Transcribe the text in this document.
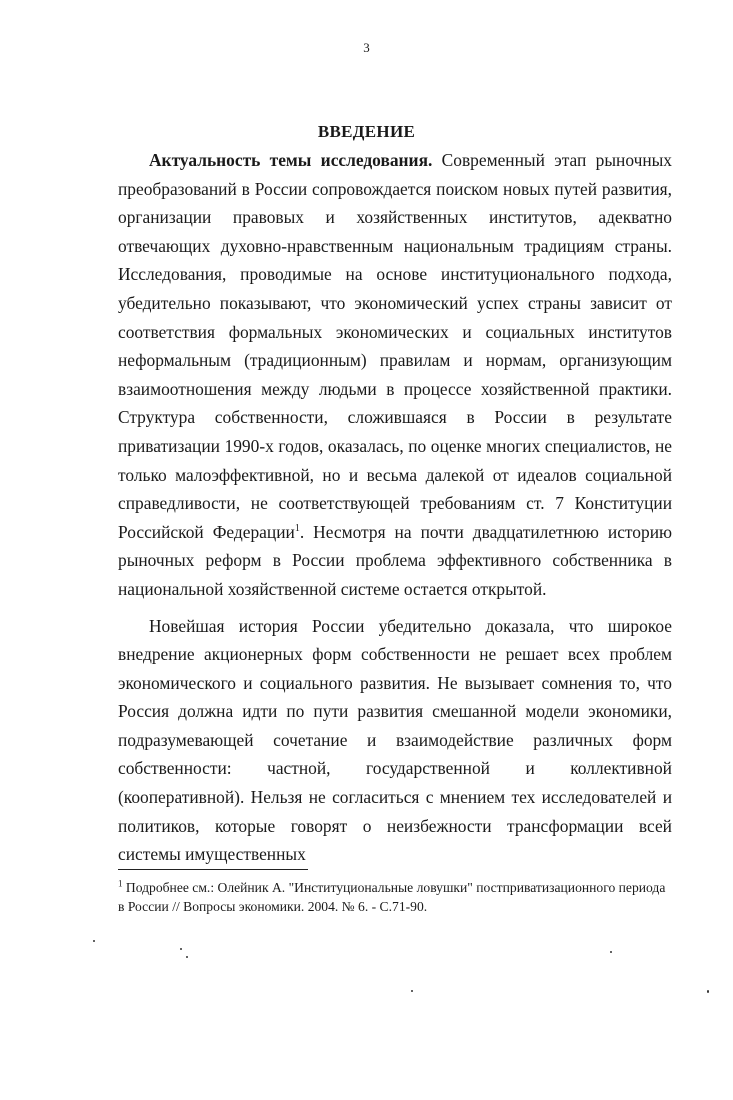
3
ВВЕДЕНИЕ

Актуальность темы исследования. Современный этап рыночных преобразований в России сопровождается поиском новых путей развития, организации правовых и хозяйственных институтов, адекватно отвечающих духовно-нравственным национальным традициям страны. Исследования, проводимые на основе институционального подхода, убедительно показывают, что экономический успех страны зависит от соответствия формальных экономических и социальных институтов неформальным (традиционным) правилам и нормам, организующим взаимоотношения между людьми в процессе хозяйственной практики. Структура собственности, сложившаяся в России в результате приватизации 1990-х годов, оказалась, по оценке многих специалистов, не только малоэффективной, но и весьма далекой от идеалов социальной справедливости, не соответствующей требованиям ст. 7 Конституции Российской Федерации$^1$. Несмотря на почти двадцатилетнюю историю рыночных реформ в России проблема эффективного собственника в национальной хозяйственной системе остается открытой.

Новейшая история России убедительно доказала, что широкое внедрение акционерных форм собственности не решает всех проблем экономического и социального развития. Не вызывает сомнения то, что Россия должна идти по пути развития смешанной модели экономики, подразумевающей сочетание и взаимодействие различных форм собственности: частной, государственной и коллективной (кооперативной). Нельзя не согласиться с мнением тех исследователей и политиков, которые говорят о неизбежности трансформации всей системы имущественных

$^1$ Подробнее см.: Олейник А. "Институциональные ловушки" постприватизационного периода в России // Вопросы экономики. 2004. № 6. - С.71-90.
